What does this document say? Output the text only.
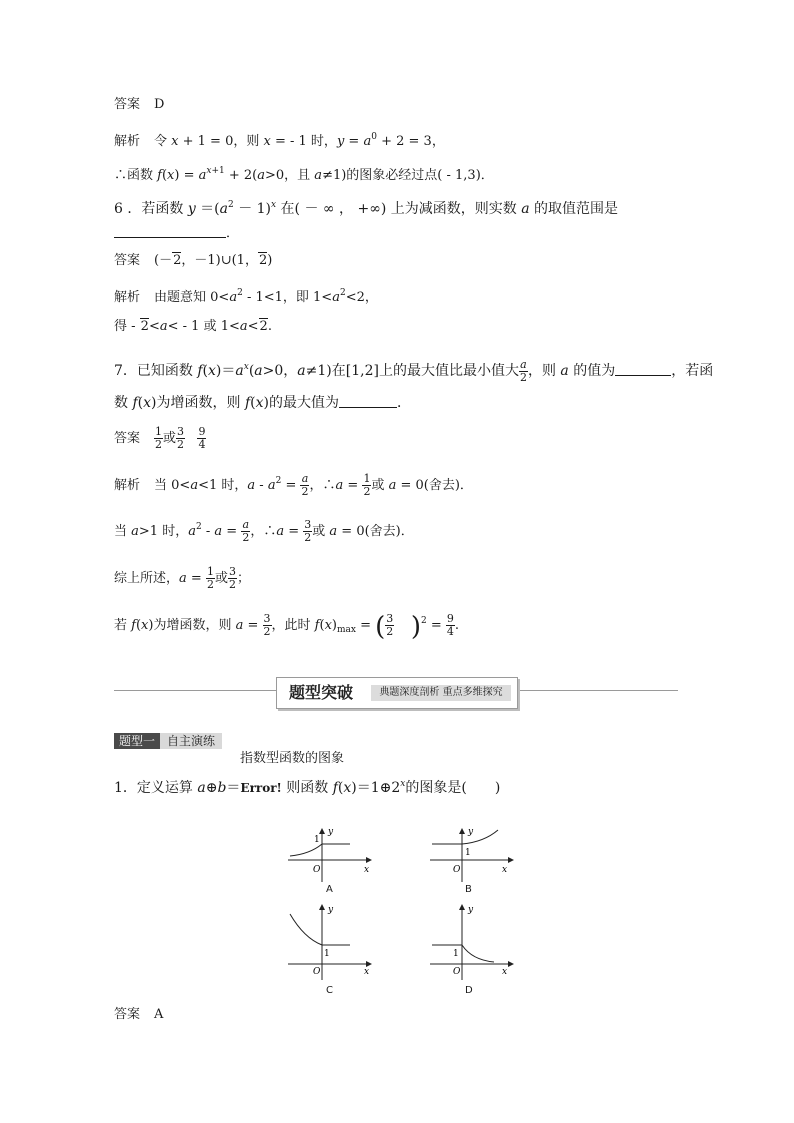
答案 D
解析 令 x + 1 = 0，则 x = - 1 时，$y = a^0 + 2 = 3$，
∴函数 $f(x) = a^{x+1} + 2(a>0$，且 a≠1)的图象必经过点( - 1,3)．
6 ．若函数 $y =(a^2 - 1)^x$ 在( － ∞ ， +∞) 上为减函数，则实数 a 的取值范围是
．
答案 (－2，－1)∪(1，2)
解析 由题意知 $0<a^2 - 1<1$，即 $1<a^2<2$，
得 - 2<a< - 1 或 1<a<2.
7．已知函数 $f(x)=a^x(a>0$，a≠1)在[1,2]上的最大值比最小值大 $\frac{a}{2}$ ，则 a 的值为	，若函
数 f(x)为增函数，则 f(x)的最大值为	．
答案 $\frac{1}{2}$ 或 $\frac{3}{2}$
$\frac{9}{4}$
解析 当 0<a<1 时，$a - a^2 = \frac{a}{2}$ ，∴a = $\frac{1}{2}$ 或 a = 0(舍去)．
当 a>1 时，$a^2 - a = \frac{a}{2}$ ，∴a = $\frac{3}{2}$ 或 a = 0(舍去)．
综上所述，$a = \frac{1}{2}$ 或 $\frac{3}{2}$ ；
若 f(x)为增函数，则 $a = \frac{3}{2}$ ，此时 $f(x)_{max}$ = ( $\frac{3}{2} )^2 = \frac{9}{4}$ .
题型突破	典题深度剖析 重点多维探究
题型一 自主演练
指数型函数的图象
1．定义运算 a⊕b＝Error! 则函数 $f(x)=1\oplus 2^x$的图象是(　　)
y
x
O
1
A
y
x
O
1
B
y
x
O
1
C
y
x
O
1
D
答案 A
